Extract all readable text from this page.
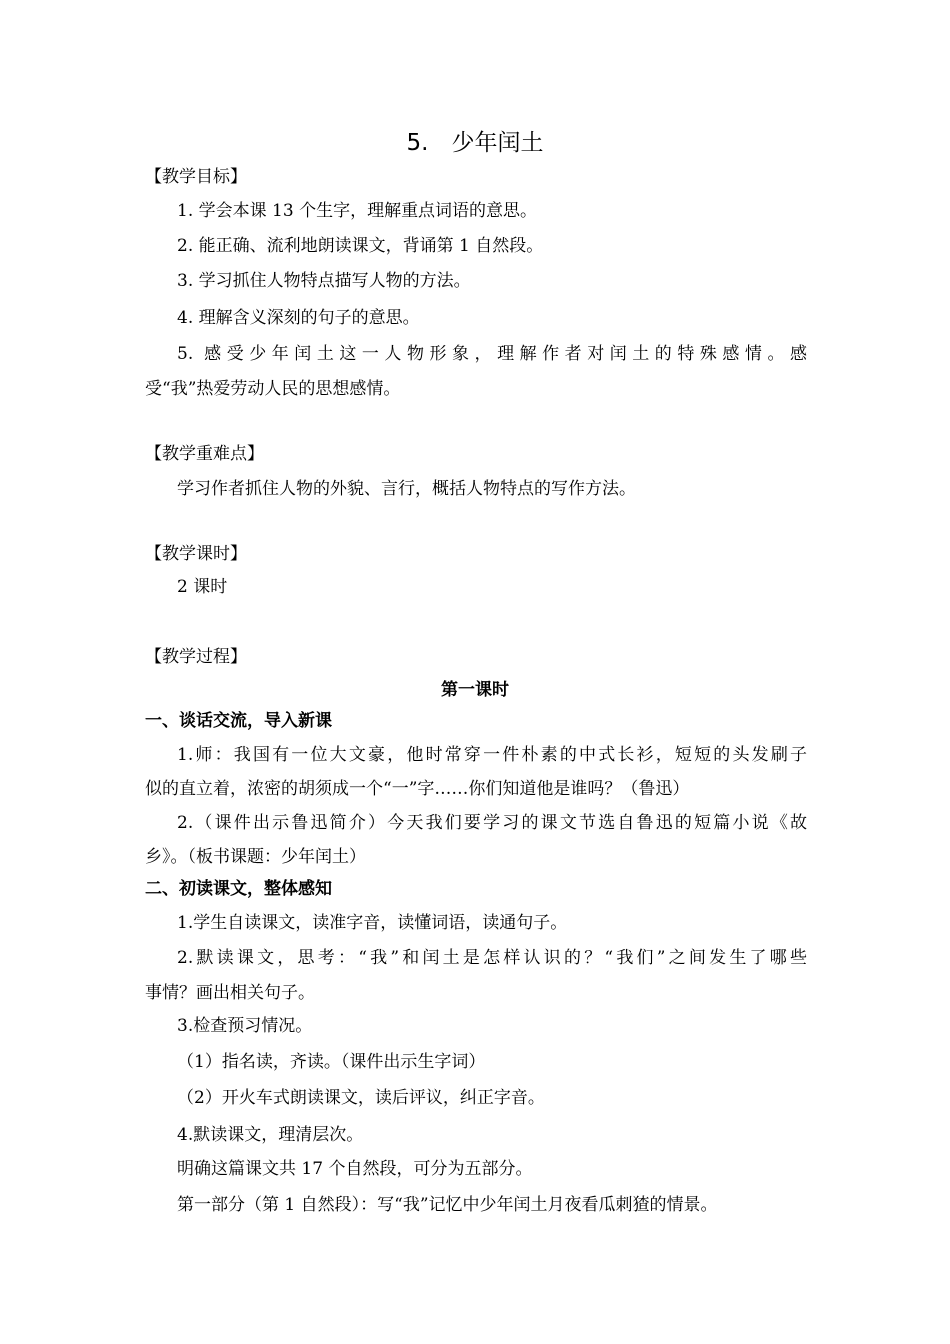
5.　少年闰土
【教学目标】
1. 学会本课 13 个生字，理解重点词语的意思。
2. 能正确、流利地朗读课文，背诵第 1 自然段。
3. 学习抓住人物特点描写人物的方法。
4. 理解含义深刻的句子的意思。
5. 感受少年闰土这一人物形象，理解作者对闰土的特殊感情。感
受“我”热爱劳动人民的思想感情。
【教学重难点】
学习作者抓住人物的外貌、言行，概括人物特点的写作方法。
【教学课时】
2 课时
【教学过程】
第一课时
一、谈话交流，导入新课
1.师：我国有一位大文豪，他时常穿一件朴素的中式长衫，短短的头发刷子
似的直立着，浓密的胡须成一个“一”字……你们知道他是谁吗？（鲁迅）
2.（课件出示鲁迅简介）今天我们要学习的课文节选自鲁迅的短篇小说《故
乡》。（板书课题：少年闰土）
二、初读课文，整体感知
1.学生自读课文，读准字音，读懂词语，读通句子。
2.默读课文，思考：“我”和闰土是怎样认识的？“我们”之间发生了哪些
事情？画出相关句子。
3.检查预习情况。
（1）指名读，齐读。（课件出示生字词）
（2）开火车式朗读课文，读后评议，纠正字音。
4.默读课文，理清层次。
明确这篇课文共 17 个自然段，可分为五部分。
第一部分（第 1 自然段）：写“我”记忆中少年闰土月夜看瓜刺猹的情景。
